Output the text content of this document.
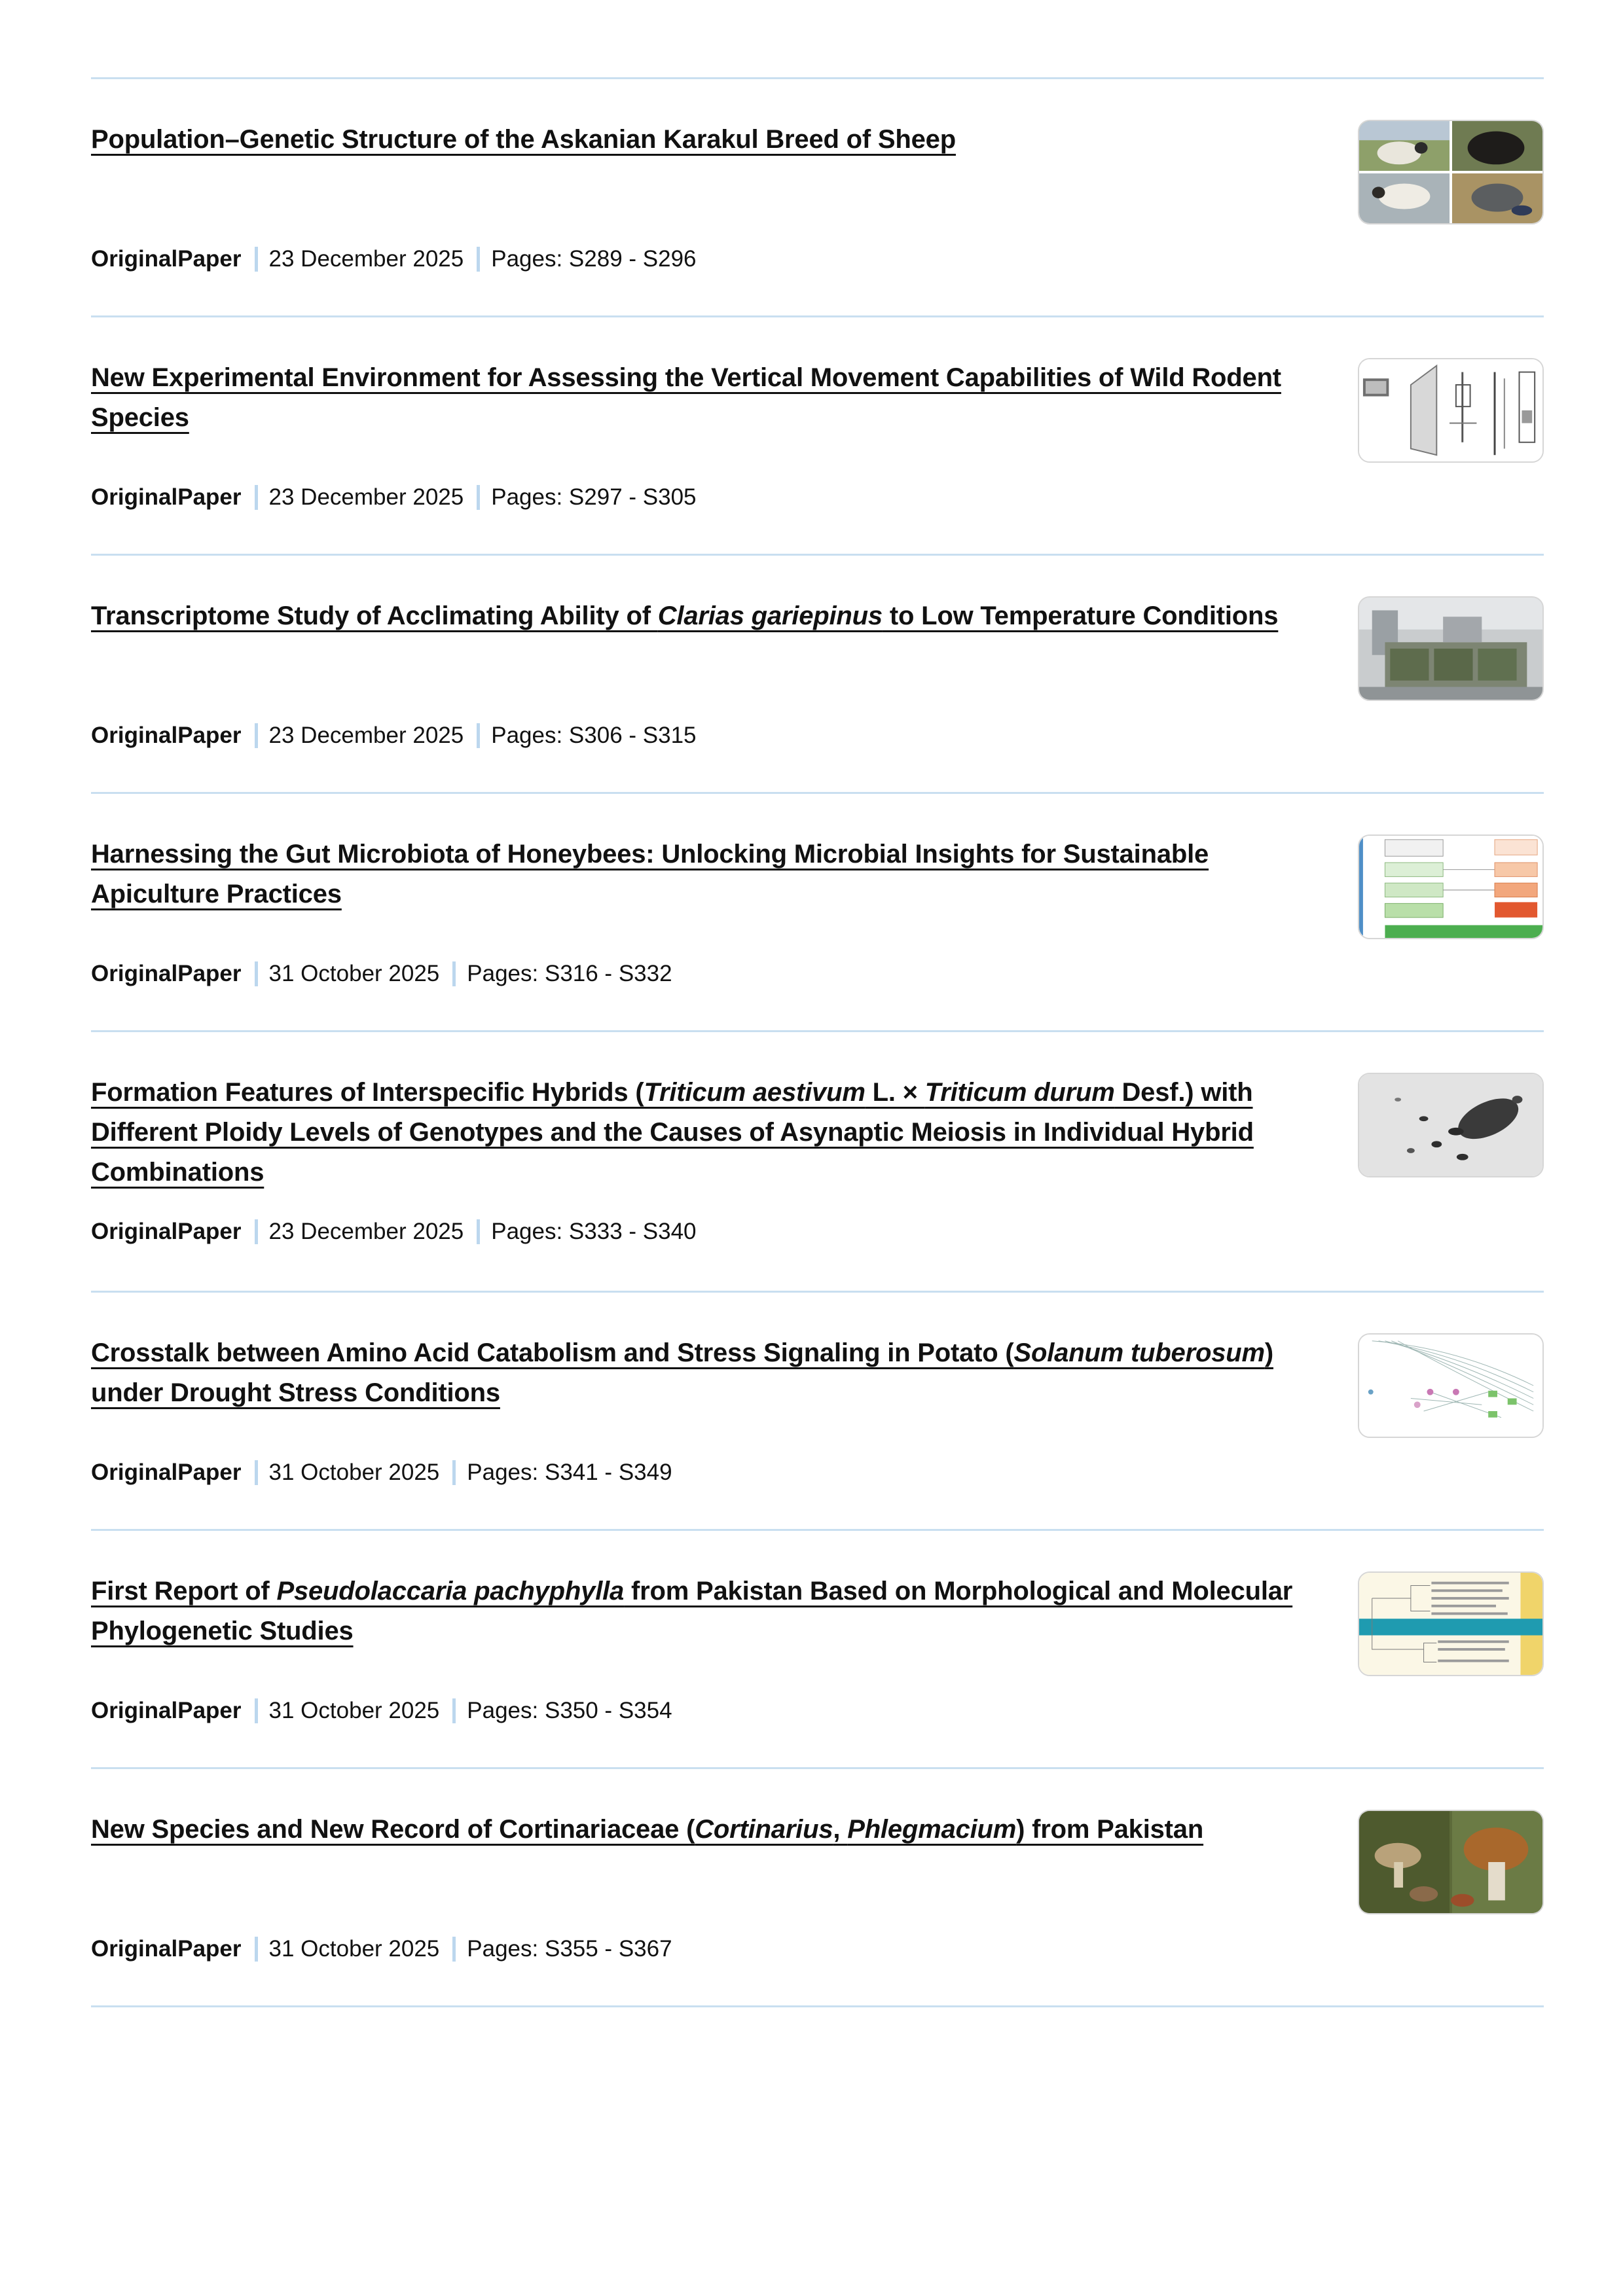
Population–Genetic Structure of the Askanian Karakul Breed of Sheep
OriginalPaper 23 December 2025 Pages: S289 - S296
New Experimental Environment for Assessing the Vertical Movement Capabilities of Wild Rodent Species
OriginalPaper 23 December 2025 Pages: S297 - S305
Transcriptome Study of Acclimating Ability of Clarias gariepinus to Low Temperature Conditions
OriginalPaper 23 December 2025 Pages: S306 - S315
Harnessing the Gut Microbiota of Honeybees: Unlocking Microbial Insights for Sustainable Apiculture Practices
OriginalPaper 31 October 2025 Pages: S316 - S332
Formation Features of Interspecific Hybrids (Triticum aestivum L. × Triticum durum Desf.) with Different Ploidy Levels of Genotypes and the Causes of Asynaptic Meiosis in Individual Hybrid Combinations
OriginalPaper 23 December 2025 Pages: S333 - S340
Crosstalk between Amino Acid Catabolism and Stress Signaling in Potato (Solanum tuberosum) under Drought Stress Conditions
OriginalPaper 31 October 2025 Pages: S341 - S349
First Report of Pseudolaccaria pachyphylla from Pakistan Based on Morphological and Molecular Phylogenetic Studies
OriginalPaper 31 October 2025 Pages: S350 - S354
New Species and New Record of Cortinariaceae (Cortinarius, Phlegmacium) from Pakistan
OriginalPaper 31 October 2025 Pages: S355 - S367
